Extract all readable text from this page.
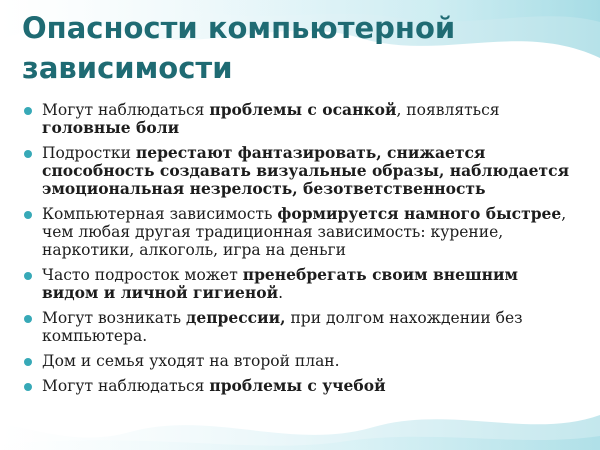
Опасности компьютерной
зависимости
Могут наблюдаться проблемы с осанкой, появляться головные боли
Подростки перестают фантазировать, снижается способность создавать визуальные образы, наблюдается эмоциональная незрелость, безответственность
Компьютерная зависимость формируется намного быстрее, чем любая другая традиционная зависимость: курение, наркотики, алкоголь, игра на деньги
Часто подросток может пренебрегать своим внешним видом и личной гигиеной.
Могут возникать депрессии, при долгом нахождении без компьютера.
Дом и семья уходят на второй план.
Могут наблюдаться проблемы с учебой
